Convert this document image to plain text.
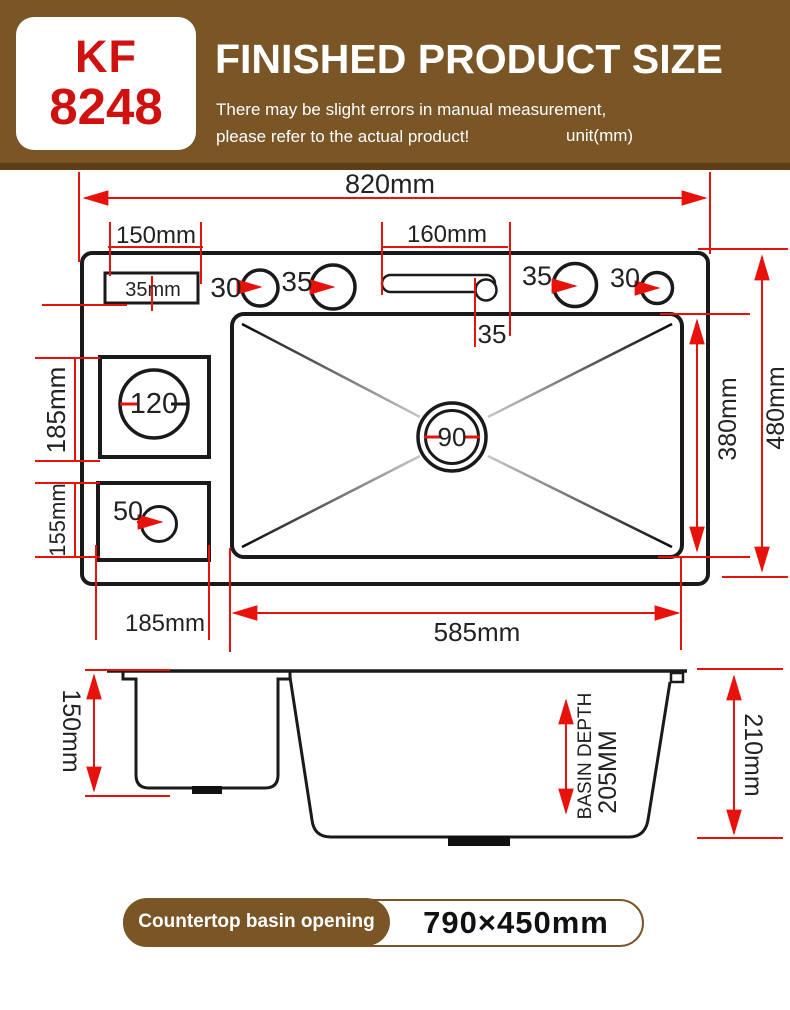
KF
8248
FINISHED PRODUCT SIZE
There may be slight errors in manual measurement,
please refer to the actual product!	unit(mm)
820mm
150mm
35mm 30 35
160mm
35
35 30
185mm 120
155mm 50
90	380mm 480mm
185mm	585mm
150mm	BASIN DEPTH
205MM	210mm
Countertop basin opening	790×450mm
